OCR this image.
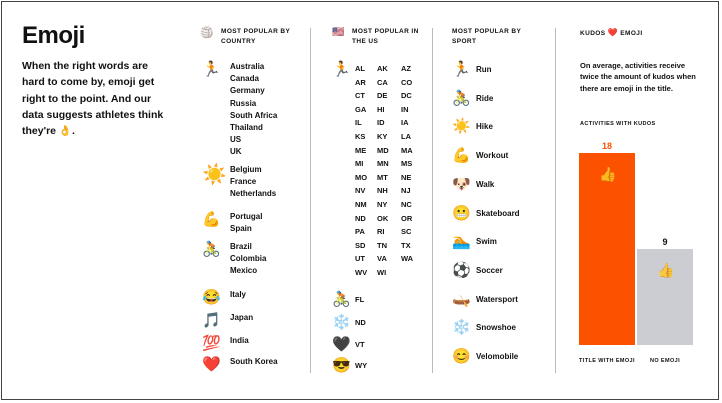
Emoji
When the right words are hard to come by, emoji get right to the point. And our data suggests athletes think they're 👌.
🏐 MOST POPULAR BY COUNTRY
🏃 Australia
Canada
Germany
Russia
South Africa
Thailand
US
UK
☀️ Belgium
France
Netherlands
💪 Portugal
Spain
🚴 Brazil
Colombia
Mexico
😂 Italy
🎵 Japan
💯 India
❤️ South Korea
🇺🇸 MOST POPULAR IN THE US
🏃 AL	AK	AZ
AR	CA	CO
CT	DE	DC
GA	HI	IN
IL	ID	IA
KS	KY	LA
ME	MD	MA
MI	MN	MS
MO	MT	NE
NV	NH	NJ
NM	NY	NC
ND	OK	OR
PA	RI	SC
SD	TN	TX
UT	VA	WA
WV	WI
🚴 FL
❄️ ND
🖤 VT
😎 WY
MOST POPULAR BY SPORT
🏃 Run
🚴 Ride
☀️ Hike
💪 Workout
🐶 Walk
😬 Skateboard
🏊 Swim
⚽ Soccer
🛶 Watersport
❄️ Snowshoe
😊 Velomobile
KUDOS ❤️ EMOJI
On average, activities receive twice the amount of kudos when there are emoji in the title.
ACTIVITIES WITH KUDOS
18
👍
TITLE WITH EMOJI
9
👍
NO EMOJI
